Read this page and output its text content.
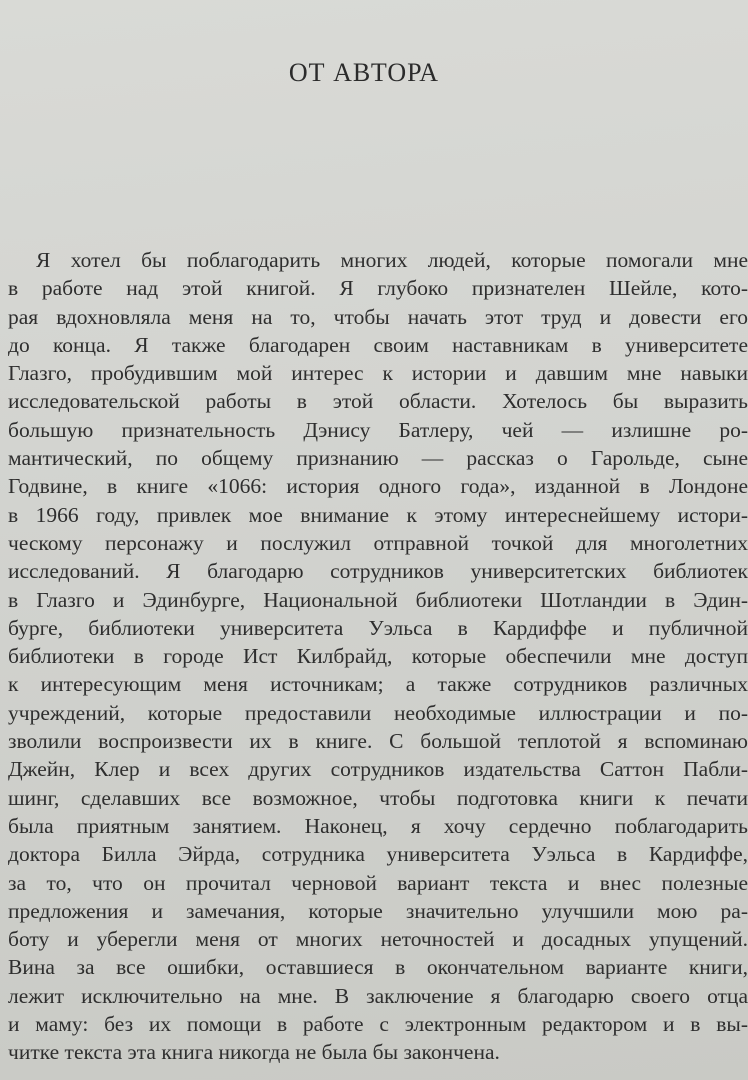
ОТ АВТОРА
Я хотел бы поблагодарить многих людей, которые помогали мне
в работе над этой книгой. Я глубоко признателен Шейле, кото-
рая вдохновляла меня на то, чтобы начать этот труд и довести его
до конца. Я также благодарен своим наставникам в университете
Глазго, пробудившим мой интерес к истории и давшим мне навыки
исследовательской работы в этой области. Хотелось бы выразить
большую признательность Дэнису Батлеру, чей — излишне ро-
мантический, по общему признанию — рассказ о Гарольде, сыне
Годвине, в книге «1066: история одного года», изданной в Лондоне
в 1966 году, привлек мое внимание к этому интереснейшему истори-
ческому персонажу и послужил отправной точкой для многолетних
исследований. Я благодарю сотрудников университетских библиотек
в Глазго и Эдинбурге, Национальной библиотеки Шотландии в Эдин-
бурге, библиотеки университета Уэльса в Кардиффе и публичной
библиотеки в городе Ист Килбрайд, которые обеспечили мне доступ
к интересующим меня источникам; а также сотрудников различных
учреждений, которые предоставили необходимые иллюстрации и по-
зволили воспроизвести их в книге. С большой теплотой я вспоминаю
Джейн, Клер и всех других сотрудников издательства Саттон Пабли-
шинг, сделавших все возможное, чтобы подготовка книги к печати
была приятным занятием. Наконец, я хочу сердечно поблагодарить
доктора Билла Эйрда, сотрудника университета Уэльса в Кардиффе,
за то, что он прочитал черновой вариант текста и внес полезные
предложения и замечания, которые значительно улучшили мою ра-
боту и уберегли меня от многих неточностей и досадных упущений.
Вина за все ошибки, оставшиеся в окончательном варианте книги,
лежит исключительно на мне. В заключение я благодарю своего отца
и маму: без их помощи в работе с электронным редактором и в вы-
читке текста эта книга никогда не была бы закончена.
